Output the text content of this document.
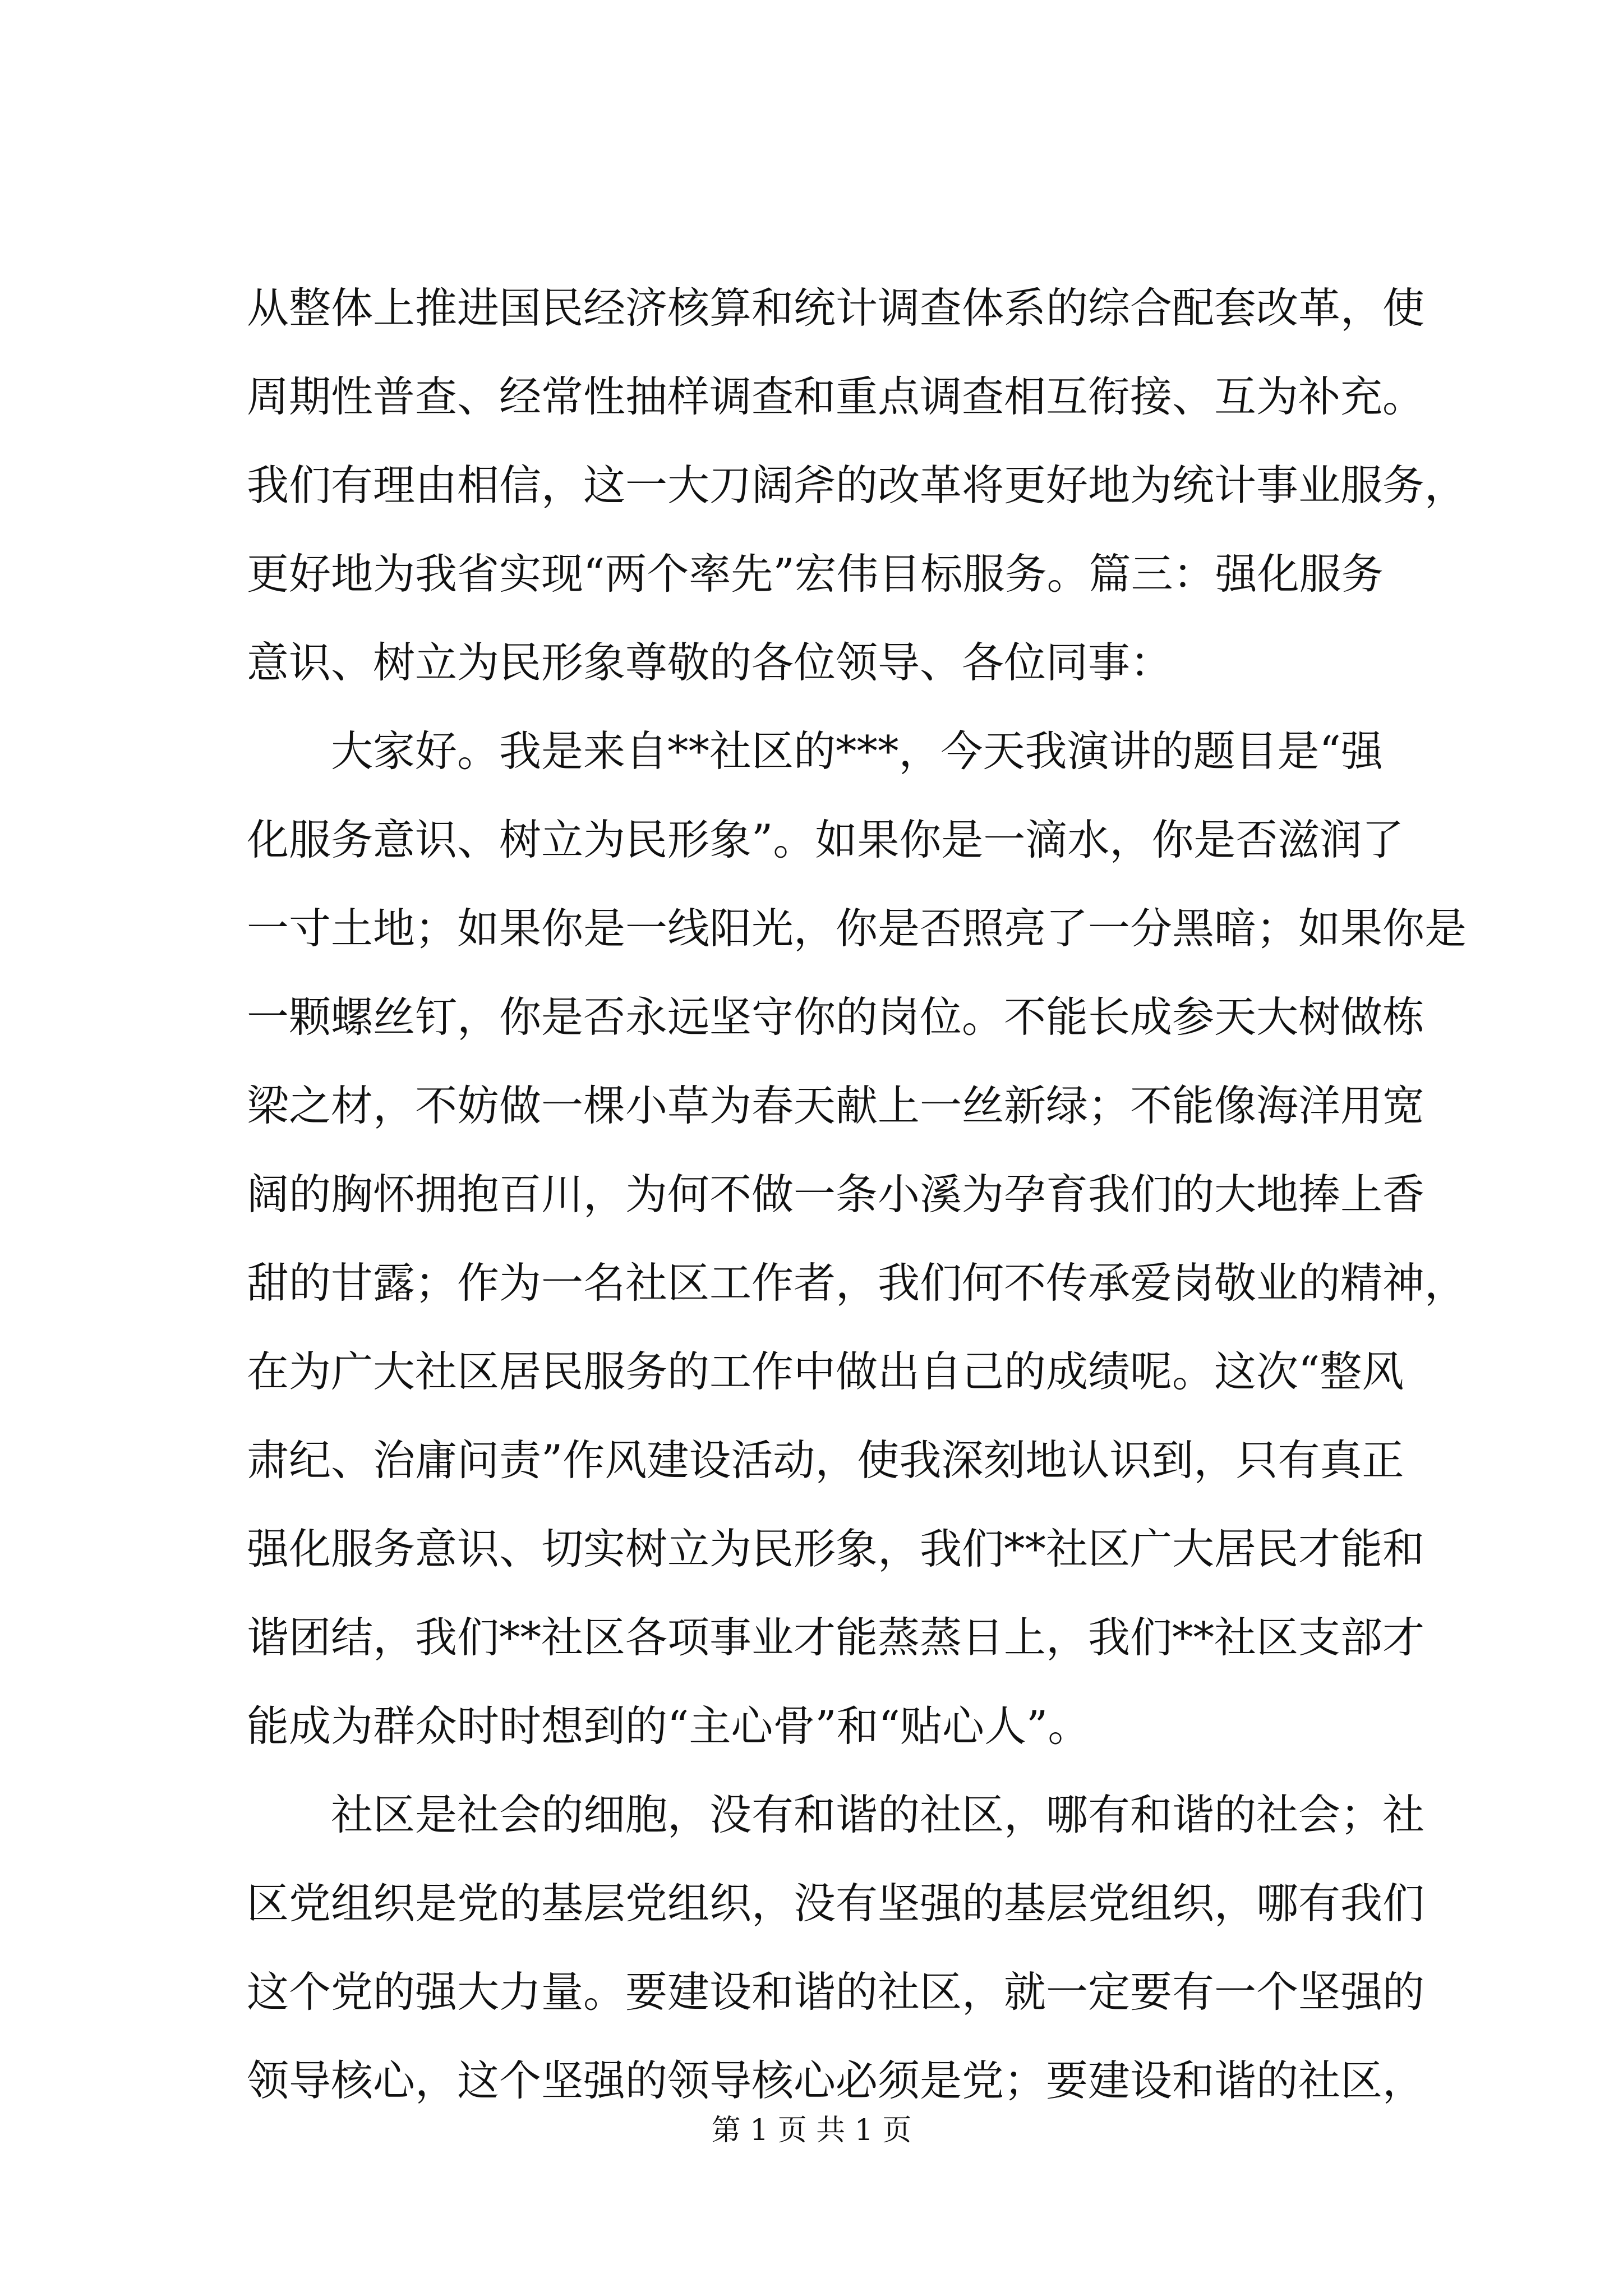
从整体上推进国民经济核算和统计调查体系的综合配套改革，使
周期性普查、经常性抽样调查和重点调查相互衔接、互为补充。
我们有理由相信，这一大刀阔斧的改革将更好地为统计事业服务，
更好地为我省实现“两个率先”宏伟目标服务。篇三：强化服务
意识、树立为民形象尊敬的各位领导、各位同事：
大家好。我是来自**社区的***，今天我演讲的题目是“强
化服务意识、树立为民形象”。如果你是一滴水，你是否滋润了
一寸土地；如果你是一线阳光，你是否照亮了一分黑暗；如果你是
一颗螺丝钉，你是否永远坚守你的岗位。不能长成参天大树做栋
梁之材，不妨做一棵小草为春天献上一丝新绿；不能像海洋用宽
阔的胸怀拥抱百川，为何不做一条小溪为孕育我们的大地捧上香
甜的甘露；作为一名社区工作者，我们何不传承爱岗敬业的精神，
在为广大社区居民服务的工作中做出自己的成绩呢。这次“整风
肃纪、治庸问责”作风建设活动，使我深刻地认识到，只有真正
强化服务意识、切实树立为民形象，我们**社区广大居民才能和
谐团结，我们**社区各项事业才能蒸蒸日上，我们**社区支部才
能成为群众时时想到的“主心骨”和“贴心人”。
社区是社会的细胞，没有和谐的社区，哪有和谐的社会；社
区党组织是党的基层党组织，没有坚强的基层党组织，哪有我们
这个党的强大力量。要建设和谐的社区，就一定要有一个坚强的
领导核心，这个坚强的领导核心必须是党；要建设和谐的社区，
第 1 页 共 1 页
